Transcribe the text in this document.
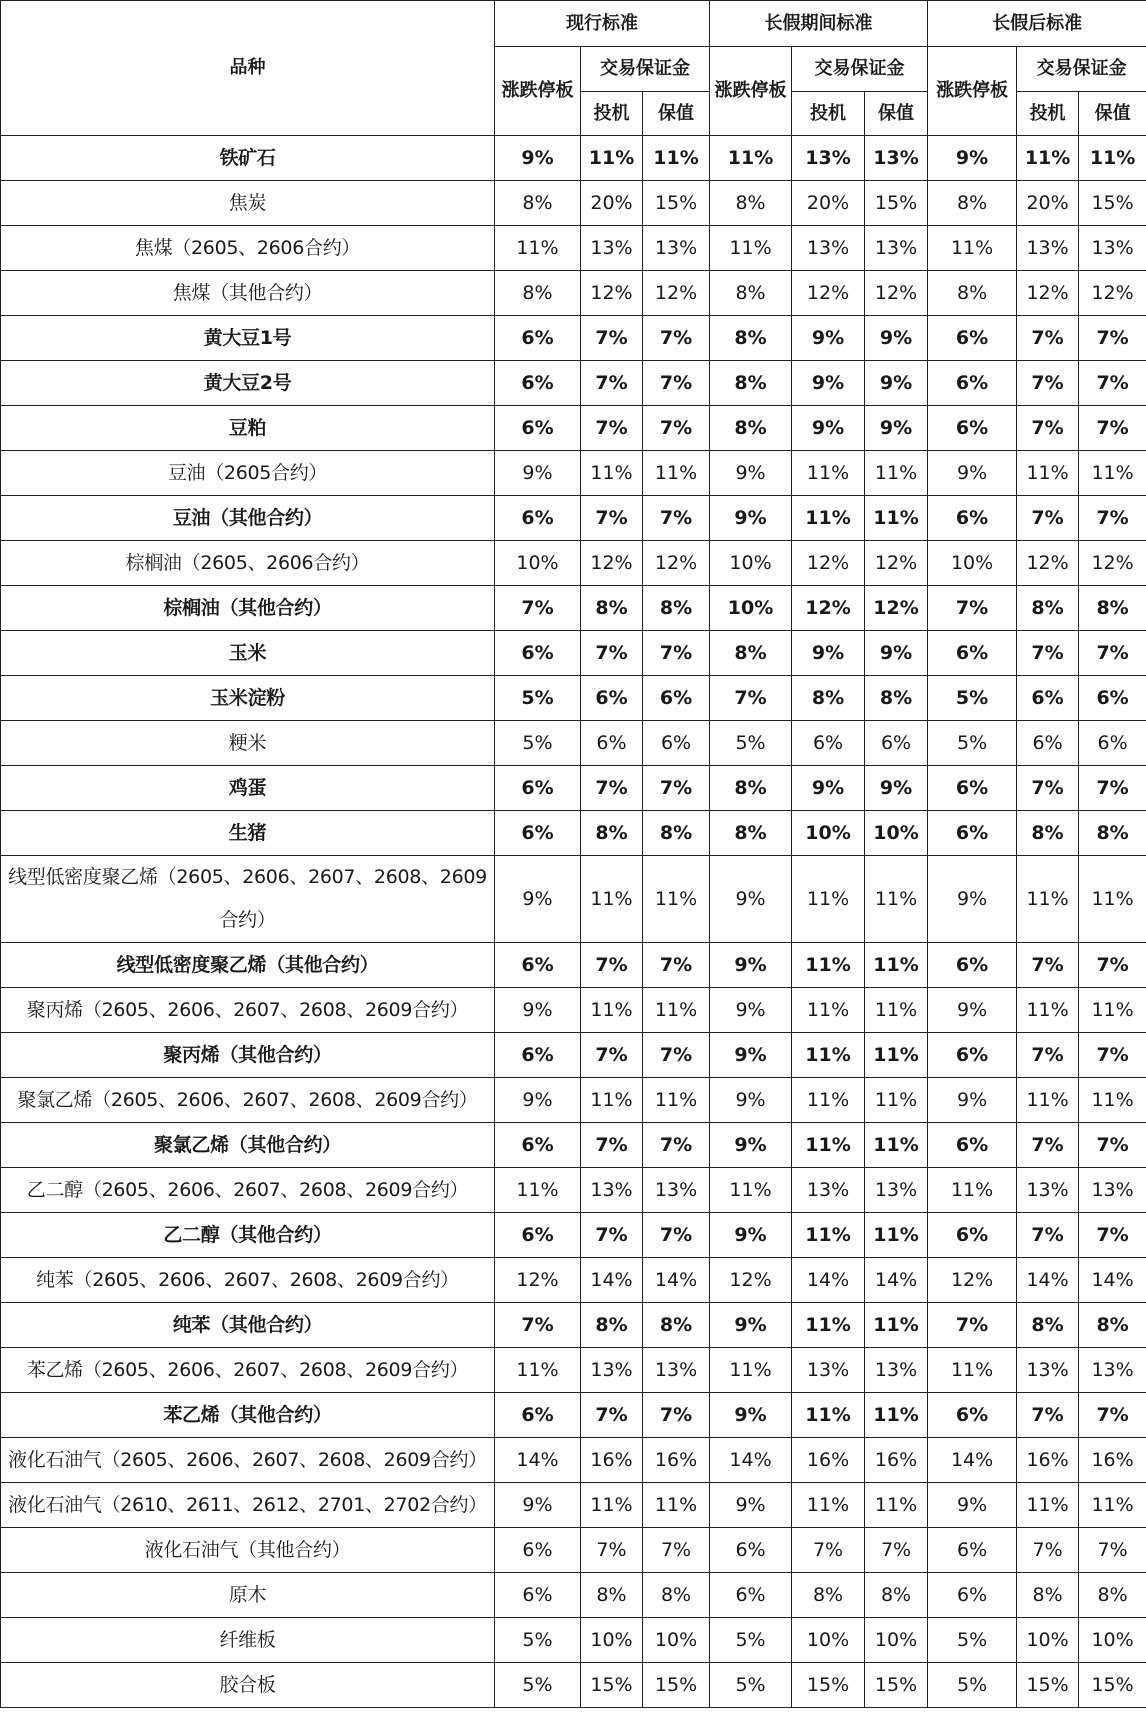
品种	现行标准			长假期间标准			长假后标准		
	涨跌停板	交易保证金		涨跌停板	交易保证金		涨跌停板	交易保证金	
		投机	保值		投机	保值		投机	保值
铁矿石	9%	11%	11%	11%	13%	13%	9%	11%	11%
焦炭	8%	20%	15%	8%	20%	15%	8%	20%	15%
焦煤（2605、2606合约）	11%	13%	13%	11%	13%	13%	11%	13%	13%
焦煤（其他合约）	8%	12%	12%	8%	12%	12%	8%	12%	12%
黄大豆1号	6%	7%	7%	8%	9%	9%	6%	7%	7%
黄大豆2号	6%	7%	7%	8%	9%	9%	6%	7%	7%
豆粕	6%	7%	7%	8%	9%	9%	6%	7%	7%
豆油（2605合约）	9%	11%	11%	9%	11%	11%	9%	11%	11%
豆油（其他合约）	6%	7%	7%	9%	11%	11%	6%	7%	7%
棕榈油（2605、2606合约）	10%	12%	12%	10%	12%	12%	10%	12%	12%
棕榈油（其他合约）	7%	8%	8%	10%	12%	12%	7%	8%	8%
玉米	6%	7%	7%	8%	9%	9%	6%	7%	7%
玉米淀粉	5%	6%	6%	7%	8%	8%	5%	6%	6%
粳米	5%	6%	6%	5%	6%	6%	5%	6%	6%
鸡蛋	6%	7%	7%	8%	9%	9%	6%	7%	7%
生猪	6%	8%	8%	8%	10%	10%	6%	8%	8%
线型低密度聚乙烯（2605、2606、2607、2608、2609合约）	9%	11%	11%	9%	11%	11%	9%	11%	11%
线型低密度聚乙烯（其他合约）	6%	7%	7%	9%	11%	11%	6%	7%	7%
聚丙烯（2605、2606、2607、2608、2609合约）	9%	11%	11%	9%	11%	11%	9%	11%	11%
聚丙烯（其他合约）	6%	7%	7%	9%	11%	11%	6%	7%	7%
聚氯乙烯（2605、2606、2607、2608、2609合约）	9%	11%	11%	9%	11%	11%	9%	11%	11%
聚氯乙烯（其他合约）	6%	7%	7%	9%	11%	11%	6%	7%	7%
乙二醇（2605、2606、2607、2608、2609合约）	11%	13%	13%	11%	13%	13%	11%	13%	13%
乙二醇（其他合约）	6%	7%	7%	9%	11%	11%	6%	7%	7%
纯苯（2605、2606、2607、2608、2609合约）	12%	14%	14%	12%	14%	14%	12%	14%	14%
纯苯（其他合约）	7%	8%	8%	9%	11%	11%	7%	8%	8%
苯乙烯（2605、2606、2607、2608、2609合约）	11%	13%	13%	11%	13%	13%	11%	13%	13%
苯乙烯（其他合约）	6%	7%	7%	9%	11%	11%	6%	7%	7%
液化石油气（2605、2606、2607、2608、2609合约）	14%	16%	16%	14%	16%	16%	14%	16%	16%
液化石油气（2610、2611、2612、2701、2702合约）	9%	11%	11%	9%	11%	11%	9%	11%	11%
液化石油气（其他合约）	6%	7%	7%	6%	7%	7%	6%	7%	7%
原木	6%	8%	8%	6%	8%	8%	6%	8%	8%
纤维板	5%	10%	10%	5%	10%	10%	5%	10%	10%
胶合板	5%	15%	15%	5%	15%	15%	5%	15%	15%
